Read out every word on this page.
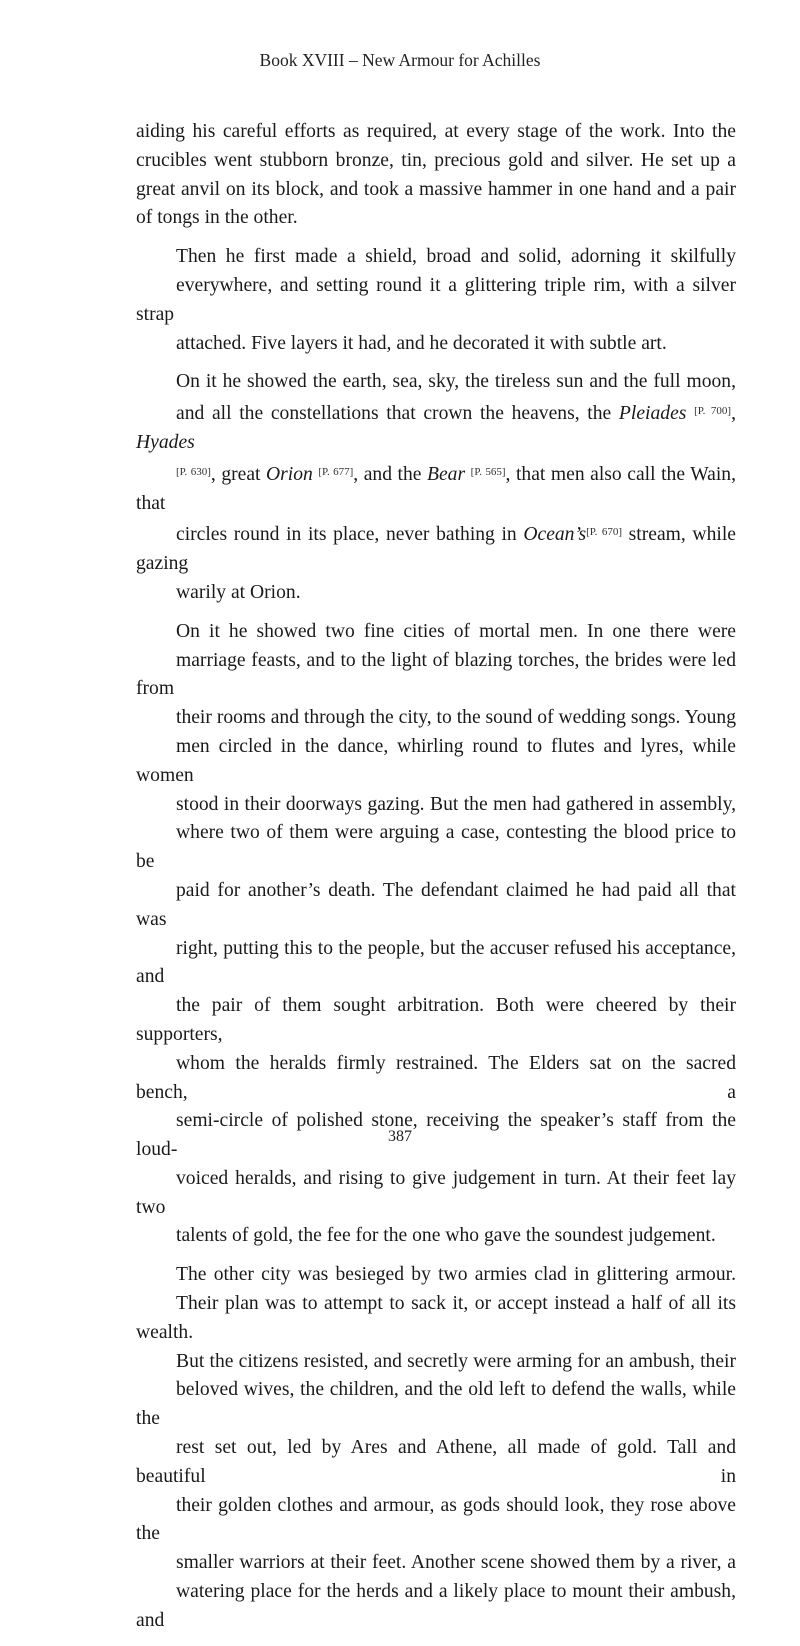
Book XVIII – New Armour for Achilles

aiding his careful efforts as required, at every stage of the work. Into the
crucibles went stubborn bronze, tin, precious gold and silver. He set up a
great anvil on its block, and took a massive hammer in one hand and a pair
of tongs in the other.

Then he first made a shield, broad and solid, adorning it skilfully
everywhere, and setting round it a glittering triple rim, with a silver strap
attached. Five layers it had, and he decorated it with subtle art.

On it he showed the earth, sea, sky, the tireless sun and the full moon,
and all the constellations that crown the heavens, the Pleiades [P. 700], Hyades
[P. 630], great Orion [P. 677], and the Bear [P. 565], that men also call the Wain, that
circles round in its place, never bathing in Ocean’s[P. 670] stream, while gazing
warily at Orion.

On it he showed two fine cities of mortal men. In one there were
marriage feasts, and to the light of blazing torches, the brides were led from
their rooms and through the city, to the sound of wedding songs. Young
men circled in the dance, whirling round to flutes and lyres, while women
stood in their doorways gazing. But the men had gathered in assembly,
where two of them were arguing a case, contesting the blood price to be
paid for another’s death. The defendant claimed he had paid all that was
right, putting this to the people, but the accuser refused his acceptance, and
the pair of them sought arbitration. Both were cheered by their supporters,
whom the heralds firmly restrained. The Elders sat on the sacred bench, a
semi-circle of polished stone, receiving the speaker’s staff from the loud-
voiced heralds, and rising to give judgement in turn. At their feet lay two
talents of gold, the fee for the one who gave the soundest judgement.

The other city was besieged by two armies clad in glittering armour.
Their plan was to attempt to sack it, or accept instead a half of all its wealth.
But the citizens resisted, and secretly were arming for an ambush, their
beloved wives, the children, and the old left to defend the walls, while the
rest set out, led by Ares and Athene, all made of gold. Tall and beautiful in
their golden clothes and armour, as gods should look, they rose above the
smaller warriors at their feet. Another scene showed them by a river, a
watering place for the herds and a likely place to mount their ambush, and

387
